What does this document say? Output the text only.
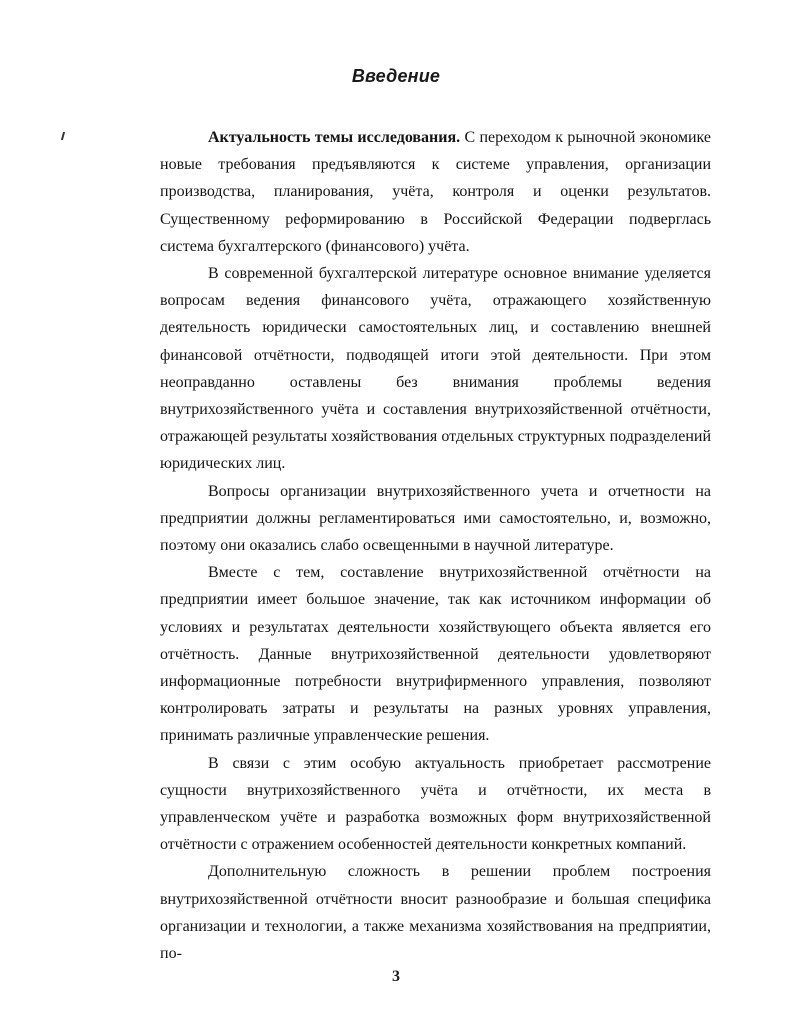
Введение

Актуальность темы исследования. С переходом к рыночной экономике новые требования предъявляются к системе управления, организации производства, планирования, учёта, контроля и оценки результатов. Существенному реформированию в Российской Федерации подверглась система бухгалтерского (финансового) учёта.

В современной бухгалтерской литературе основное внимание уделяется вопросам ведения финансового учёта, отражающего хозяйственную деятельность юридически самостоятельных лиц, и составлению внешней финансовой отчётности, подводящей итоги этой деятельности. При этом неоправданно оставлены без внимания проблемы ведения внутрихозяйственного учёта и составления внутрихозяйственной отчётности, отражающей результаты хозяйствования отдельных структурных подразделений юридических лиц.

Вопросы организации внутрихозяйственного учета и отчетности на предприятии должны регламентироваться ими самостоятельно, и, возможно, поэтому они оказались слабо освещенными в научной литературе.

Вместе с тем, составление внутрихозяйственной отчётности на предприятии имеет большое значение, так как источником информации об условиях и результатах деятельности хозяйствующего объекта является его отчётность. Данные внутрихозяйственной деятельности удовлетворяют информационные потребности внутрифирменного управления, позволяют контролировать затраты и результаты на разных уровнях управления, принимать различные управленческие решения.

В связи с этим особую актуальность приобретает рассмотрение сущности внутрихозяйственного учёта и отчётности, их места в управленческом учёте и разработка возможных форм внутрихозяйственной отчётности с отражением особенностей деятельности конкретных компаний.

Дополнительную сложность в решении проблем построения внутрихозяйственной отчётности вносит разнообразие и большая специфика организации и технологии, а также механизма хозяйствования на предприятии, по-

3
